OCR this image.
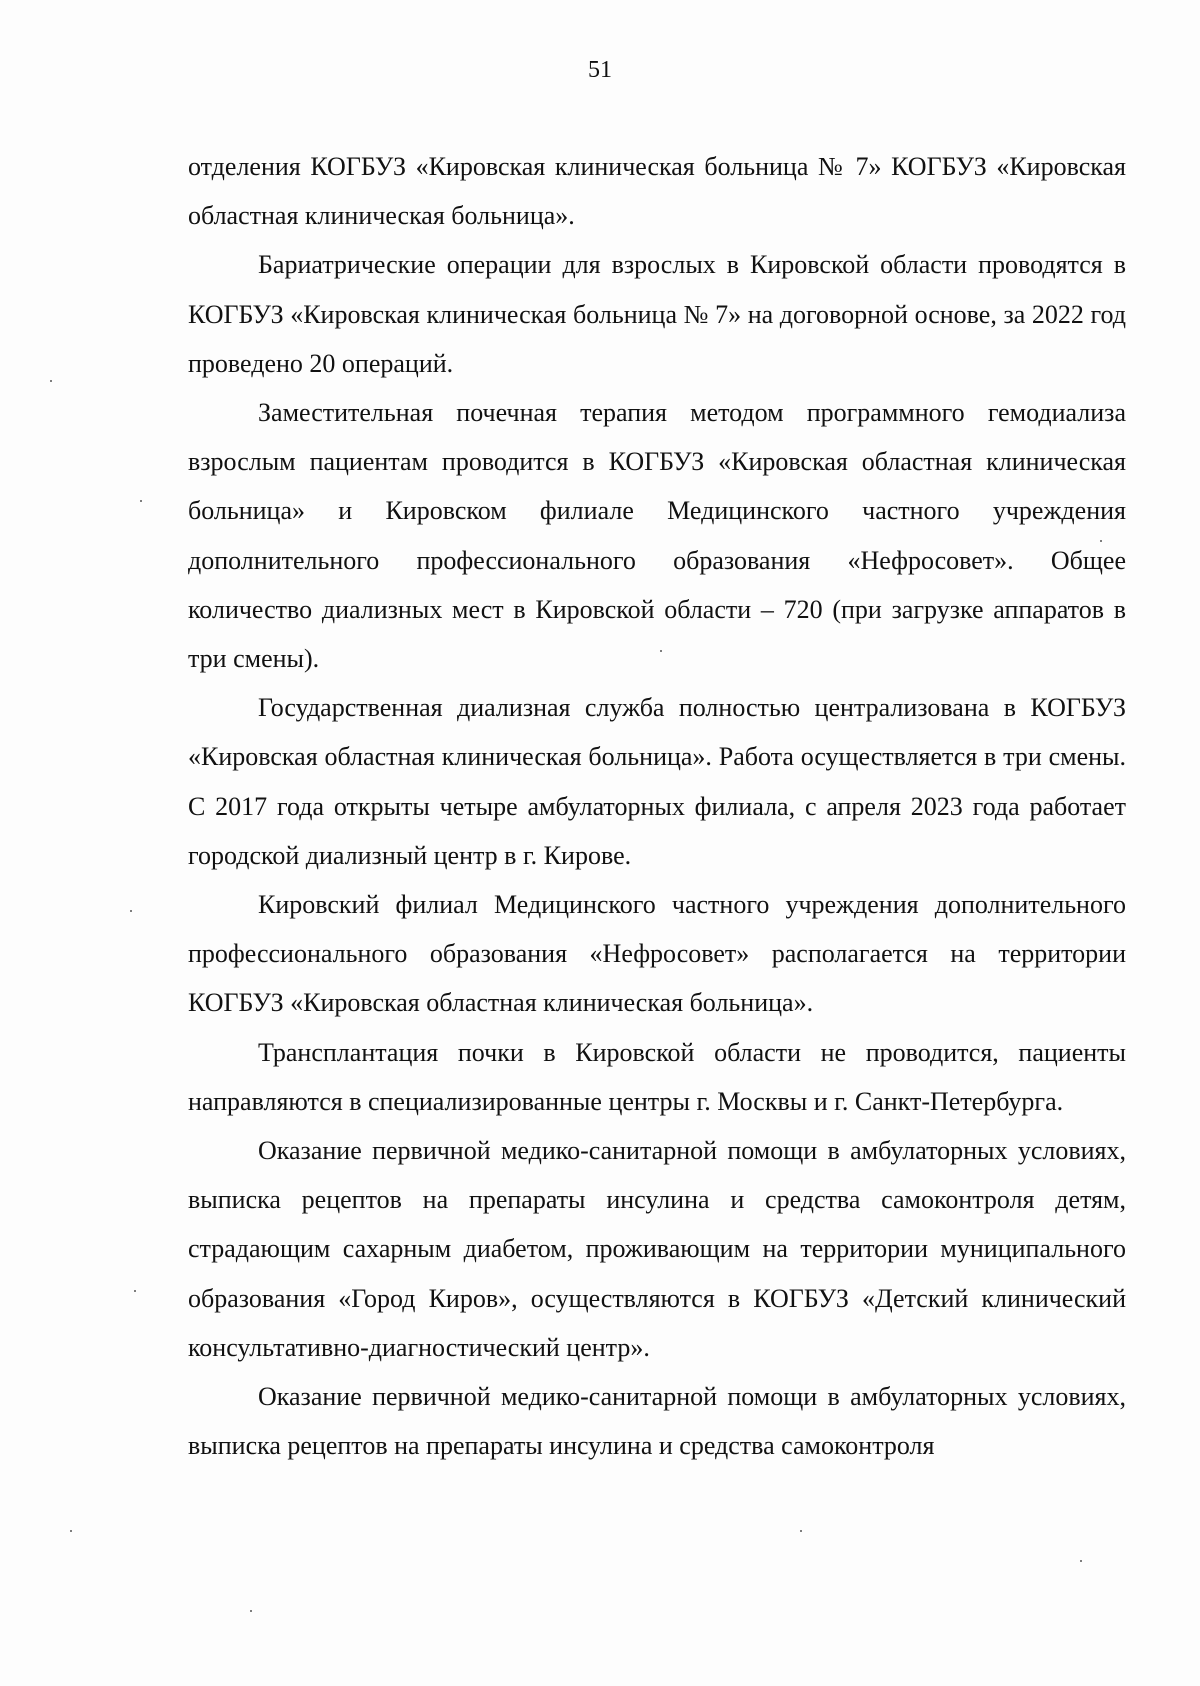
51

отделения КОГБУЗ «Кировская клиническая больница № 7» КОГБУЗ «Кировская областная клиническая больница».

Бариатрические операции для взрослых в Кировской области проводятся в КОГБУЗ «Кировская клиническая больница № 7» на договорной основе, за 2022 год проведено 20 операций.

Заместительная почечная терапия методом программного гемодиализа взрослым пациентам проводится в КОГБУЗ «Кировская областная клиническая больница» и Кировском филиале Медицинского частного учреждения дополнительного профессионального образования «Нефросовет». Общее количество диализных мест в Кировской области – 720 (при загрузке аппаратов в три смены).

Государственная диализная служба полностью централизована в КОГБУЗ «Кировская областная клиническая больница». Работа осуществляется в три смены. С 2017 года открыты четыре амбулаторных филиала, с апреля 2023 года работает городской диализный центр в г. Кирове.

Кировский филиал Медицинского частного учреждения дополнительного профессионального образования «Нефросовет» располагается на территории КОГБУЗ «Кировская областная клиническая больница».

Трансплантация почки в Кировской области не проводится, пациенты направляются в специализированные центры г. Москвы и г. Санкт-Петербурга.

Оказание первичной медико-санитарной помощи в амбулаторных условиях, выписка рецептов на препараты инсулина и средства самоконтроля детям, страдающим сахарным диабетом, проживающим на территории муниципального образования «Город Киров», осуществляются в КОГБУЗ «Детский клинический консультативно-диагностический центр».

Оказание первичной медико-санитарной помощи в амбулаторных условиях, выписка рецептов на препараты инсулина и средства самоконтроля
